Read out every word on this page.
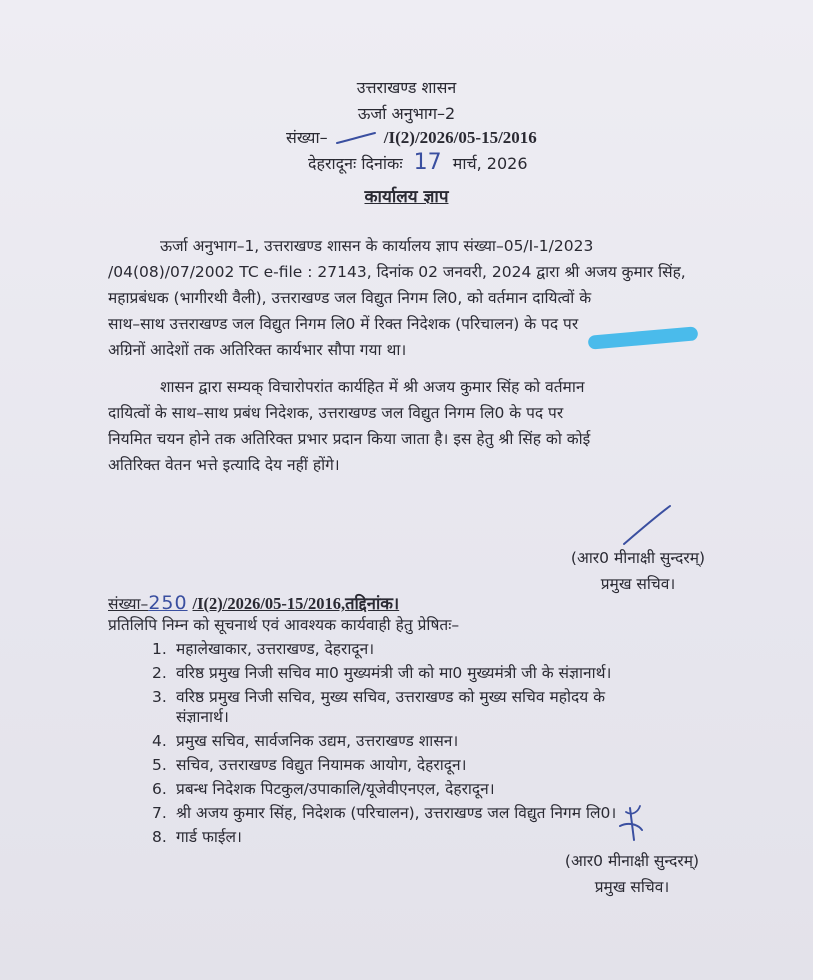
उत्तराखण्ड शासन
ऊर्जा अनुभाग–2
संख्या–	/I(2)/2026/05-15/2016
देहरादूनः दिनांकः 17 मार्च, 2026
कार्यालय ज्ञाप
ऊर्जा अनुभाग–1, उत्तराखण्ड शासन के कार्यालय ज्ञाप संख्या–05/I-1/2023
/04(08)/07/2002 TC e-file : 27143, दिनांक 02 जनवरी, 2024 द्वारा श्री अजय कुमार सिंह,
महाप्रबंधक (भागीरथी वैली), उत्तराखण्ड जल विद्युत निगम लि0, को वर्तमान दायित्वों के
साथ–साथ उत्तराखण्ड जल विद्युत निगम लि0 में रिक्त निदेशक (परिचालन) के पद पर
अग्रिनों आदेशों तक अतिरिक्त कार्यभार सौपा गया था।
शासन द्वारा सम्यक् विचारोपरांत कार्यहित में श्री अजय कुमार सिंह को वर्तमान
दायित्वों के साथ–साथ प्रबंध निदेशक, उत्तराखण्ड जल विद्युत निगम लि0 के पद पर
नियमित चयन होने तक अतिरिक्त प्रभार प्रदान किया जाता है। इस हेतु श्री सिंह को कोई
अतिरिक्त वेतन भत्ते इत्यादि देय नहीं होंगे।
(आर0 मीनाक्षी सुन्दरम्)
प्रमुख सचिव।
संख्या–250 /I(2)/2026/05-15/2016,तद्दिनांक।
प्रतिलिपि निम्न को सूचनार्थ एवं आवश्यक कार्यवाही हेतु प्रेषितः–
1. महालेखाकार, उत्तराखण्ड, देहरादून।
2. वरिष्ठ प्रमुख निजी सचिव मा0 मुख्यमंत्री जी को मा0 मुख्यमंत्री जी के संज्ञानार्थ।
3. वरिष्ठ प्रमुख निजी सचिव, मुख्य सचिव, उत्तराखण्ड को मुख्य सचिव महोदय के
संज्ञानार्थ।
4. प्रमुख सचिव, सार्वजनिक उद्यम, उत्तराखण्ड शासन।
5. सचिव, उत्तराखण्ड विद्युत नियामक आयोग, देहरादून।
6. प्रबन्ध निदेशक पिटकुल/उपाकालि/यूजेवीएनएल, देहरादून।
7. श्री अजय कुमार सिंह, निदेशक (परिचालन), उत्तराखण्ड जल विद्युत निगम लि0।
8. गार्ड फाईल।
(आर0 मीनाक्षी सुन्दरम्)
प्रमुख सचिव।
